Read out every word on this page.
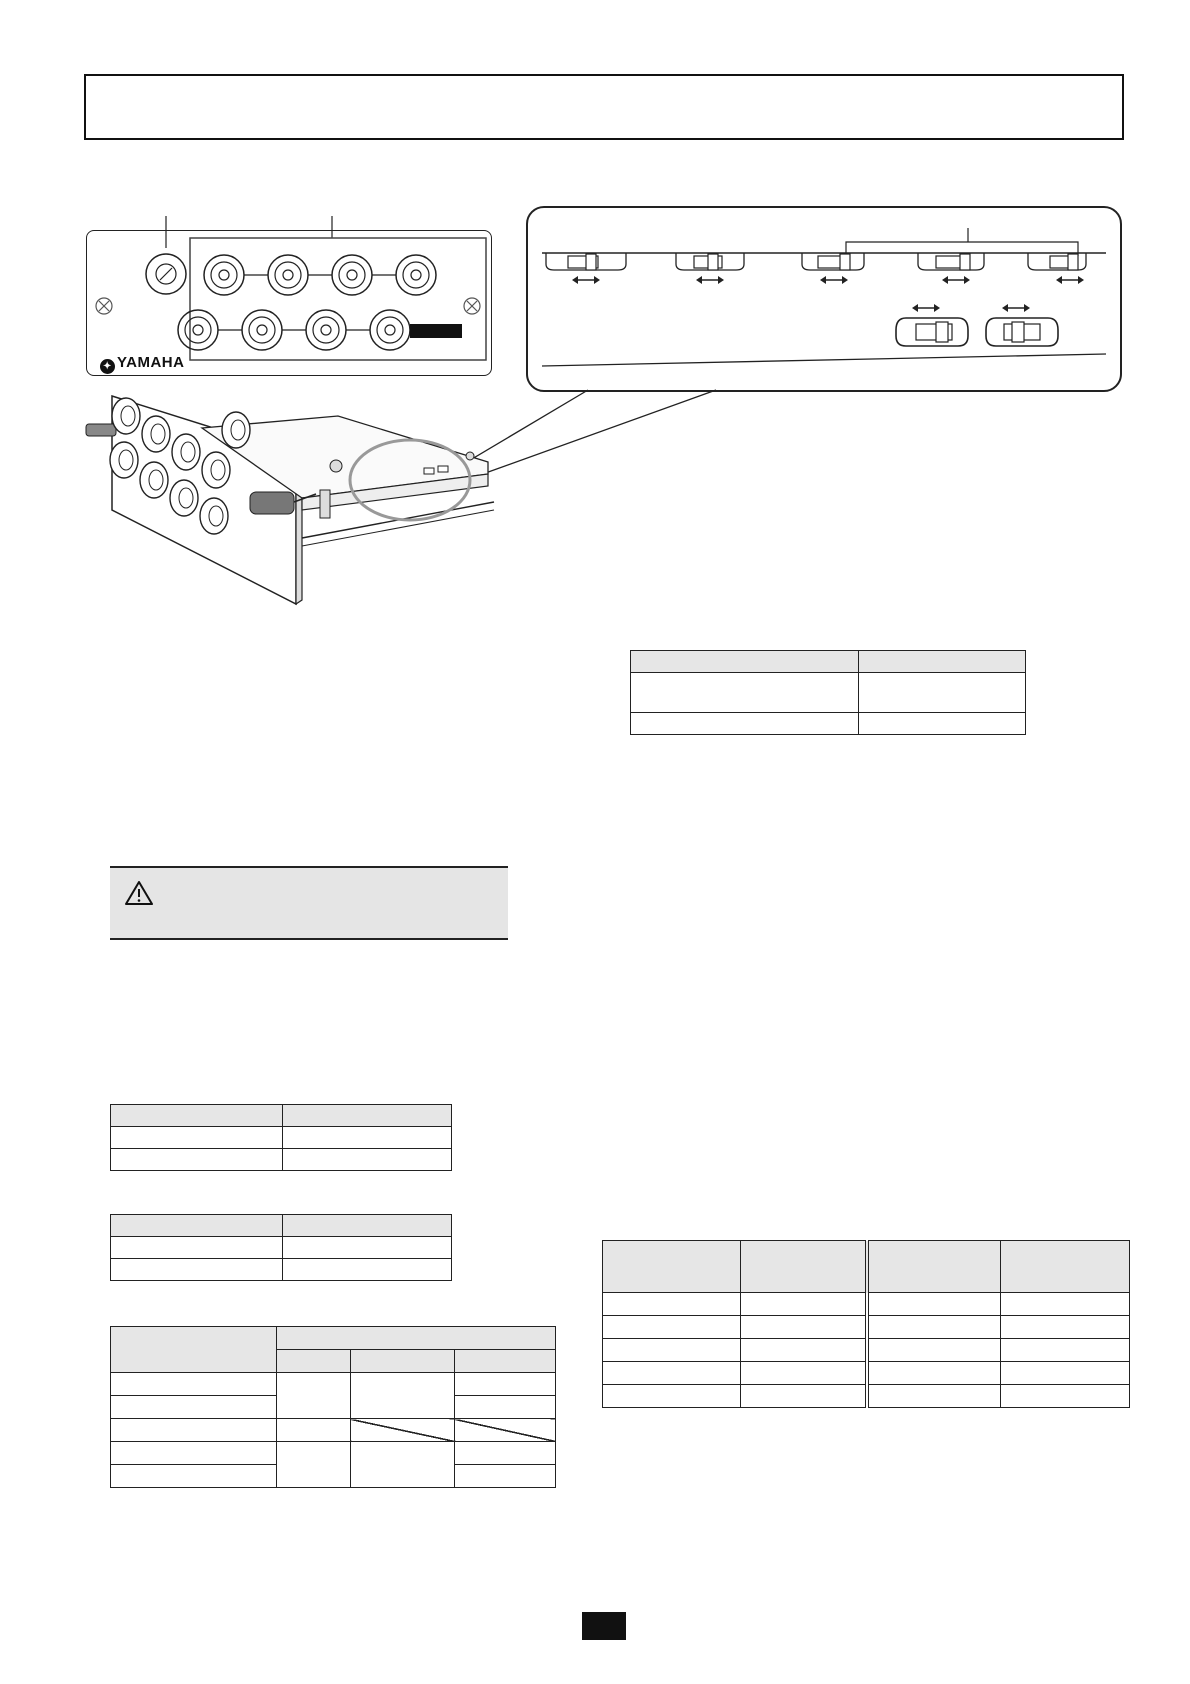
✦ YAMAHA
